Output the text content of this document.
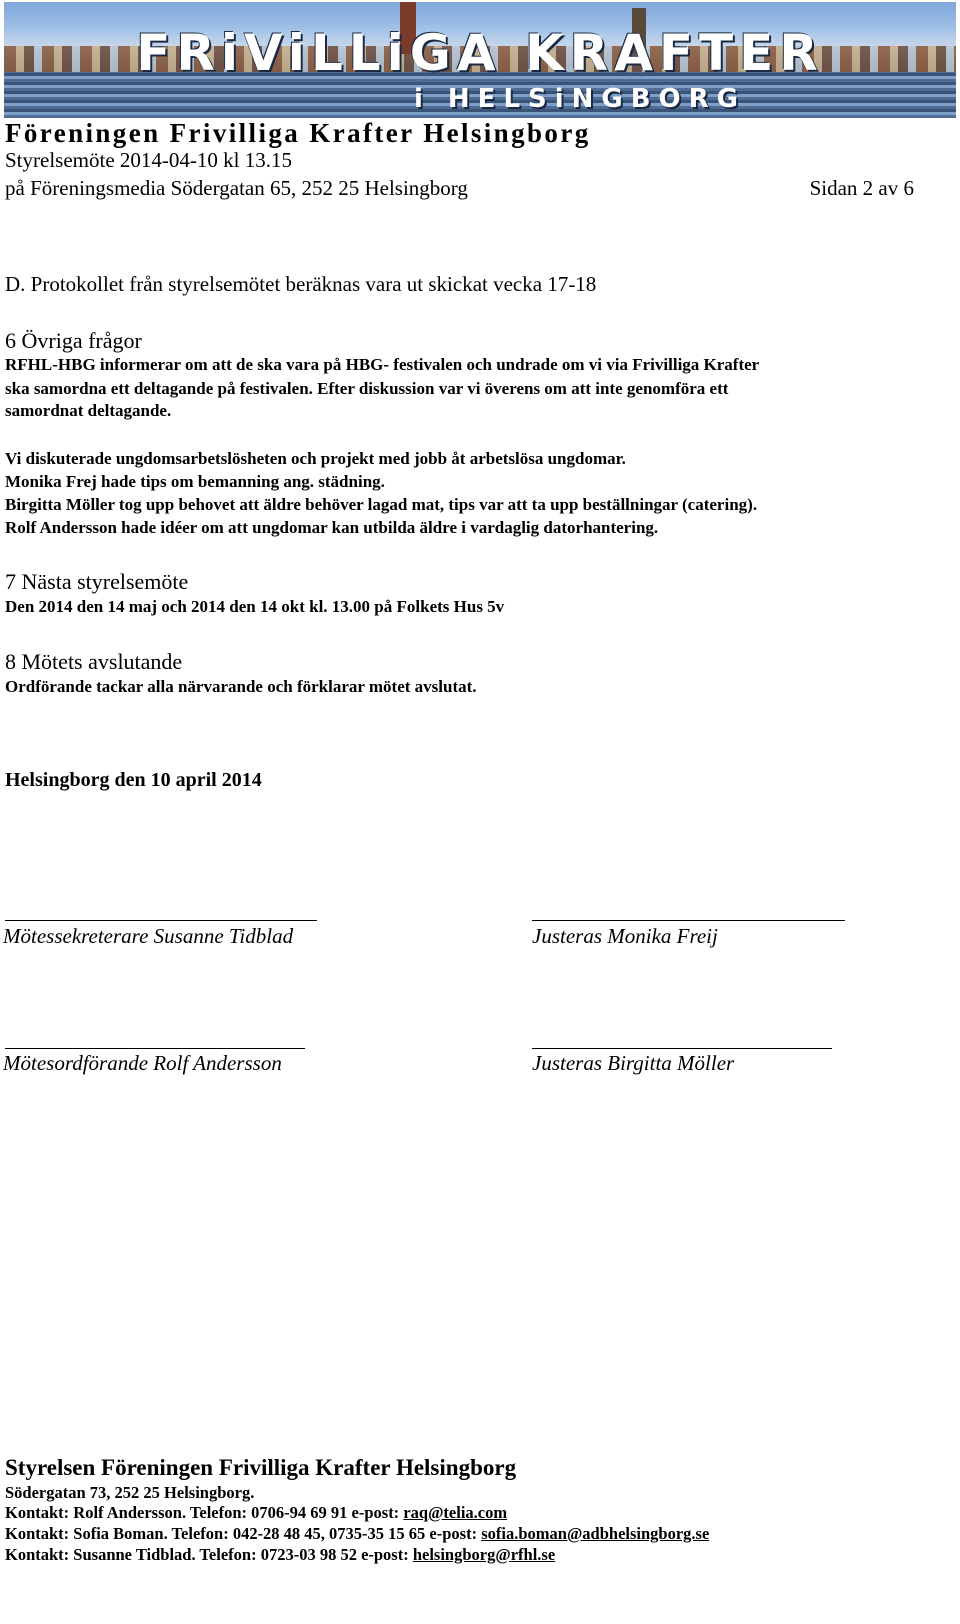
FRiViLLiGA KRAFTER
i HELSiNGBORG
Föreningen Frivilliga Krafter Helsingborg
Styrelsemöte 2014-04-10 kl 13.15
på Föreningsmedia Södergatan 65, 252 25 Helsingborg	Sidan 2 av 6
D. Protokollet från styrelsemötet beräknas vara ut skickat vecka 17-18
6 Övriga frågor
RFHL-HBG informerar om att de ska vara på HBG- festivalen och undrade om vi via Frivilliga Krafter
ska samordna ett deltagande på festivalen. Efter diskussion var vi överens om att inte genomföra ett
samordnat deltagande.
Vi diskuterade ungdomsarbetslösheten och projekt med jobb åt arbetslösa ungdomar.
Monika Frej hade tips om bemanning ang. städning.
Birgitta Möller tog upp behovet att äldre behöver lagad mat, tips var att ta upp beställningar (catering).
Rolf Andersson hade idéer om att ungdomar kan utbilda äldre i vardaglig datorhantering.
7 Nästa styrelsemöte
Den 2014 den 14 maj och 2014 den 14 okt kl. 13.00 på Folkets Hus 5v
8 Mötets avslutande
Ordförande tackar alla närvarande och förklarar mötet avslutat.
Helsingborg den 10 april 2014
Mötessekreterare Susanne Tidblad	Justeras Monika Freij
Mötesordförande Rolf Andersson	Justeras Birgitta Möller
Styrelsen Föreningen Frivilliga Krafter Helsingborg
Södergatan 73, 252 25 Helsingborg.
Kontakt: Rolf Andersson. Telefon: 0706-94 69 91 e-post: raq@telia.com
Kontakt: Sofia Boman. Telefon: 042-28 48 45, 0735-35 15 65 e-post: sofia.boman@adbhelsingborg.se
Kontakt: Susanne Tidblad. Telefon: 0723-03 98 52 e-post: helsingborg@rfhl.se
